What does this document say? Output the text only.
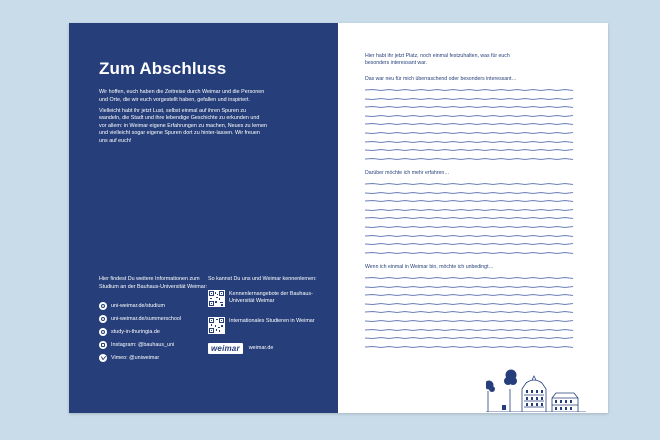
Zum Abschluss

Wir hoffen, euch haben die Zeitreise durch Weimar und die Personen und Orte, die wir euch vorgestellt haben, gefallen und inspiriert.

Vielleicht habt ihr jetzt Lust, selbst einmal auf ihren Spuren zu wandeln, die Stadt und ihre lebendige Geschichte zu erkunden und vor allem: in Weimar eigene Erfahrungen zu machen, Neues zu lernen und vielleicht sogar eigene Spuren dort zu hinter-lassen. Wir freuen uns auf euch!

Hier findest Du weitere Informationen zum Studium an der Bauhaus-Universität Weimar:

uni-weimar.de/studium
uni-weimar.de/summerschool
study-in-thuringia.de
Instagram: @bauhaus_uni
Vimeo: @uniweimar

So kannst Du uns und Weimar kennenlernen:

Kennenlernangebote der Bauhaus-Universität Weimar
Internationales Studieren in Weimar
weimar	weimar.de
Hier habt ihr jetzt Platz, noch einmal festzuhalten, was für euch besonders interessant war.
Das war neu für mich überraschend oder besonders interessant…
Darüber möchte ich mehr erfahren…
Wenn ich einmal in Weimar bin, möchte ich unbedingt…
